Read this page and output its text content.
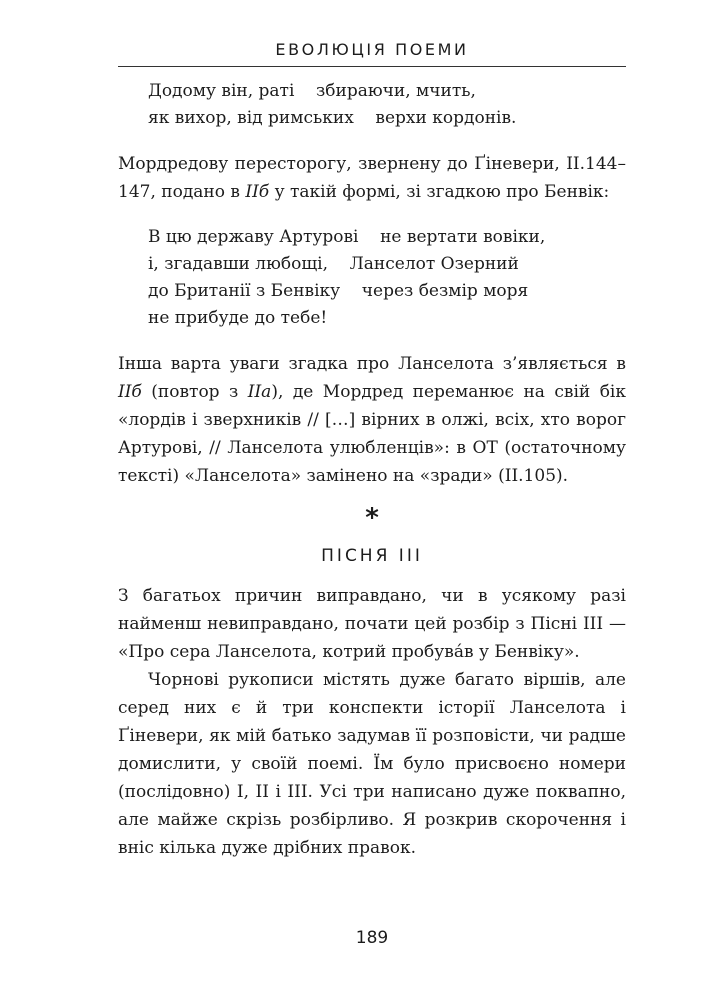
ЕВОЛЮЦІЯ ПОЕМИ

Додому він, раті    збираючи, мчить,
як вихор, від римських    верхи кордонів.

Мордредову пересторогу, звернену до Ґіневери, ІІ.144–147, подано в ІІб у такій формі, зі згадкою про Бенвік:

В цю державу Артурові    не вертати вовіки,
і, згадавши любощі,    Ланселот Озерний
до Британії з Бенвіку    через безмір моря
не прибуде до тебе!

Інша варта уваги згадка про Ланселота з’являється в ІІб (повтор з ІІа), де Мордред переманює на свій бік «лордів і зверхників // […] вірних в олжі, всіх, хто ворог Артурові, // Ланселота улюбленців»: в ОТ (остаточному тексті) «Ланселота» замінено на «зради» (ІІ.105).

*
ПІСНЯ ІІІ

З багатьох причин виправдано, чи в усякому разі найменш невиправдано, почати цей розбір з Пісні ІІІ — «Про сера Ланселота, котрий пробува́в у Бенвіку».

Чорнові рукописи містять дуже багато віршів, але серед них є й три конспекти історії Ланселота і Ґіневери, як мій батько задумав її розповісти, чи радше домислити, у своїй поемі. Їм було присвоєно номери (послідовно) І, ІІ і ІІІ. Усі три написано дуже поквапно, але майже скрізь розбірливо. Я розкрив скорочення і вніс кілька дуже дрібних правок.

189
